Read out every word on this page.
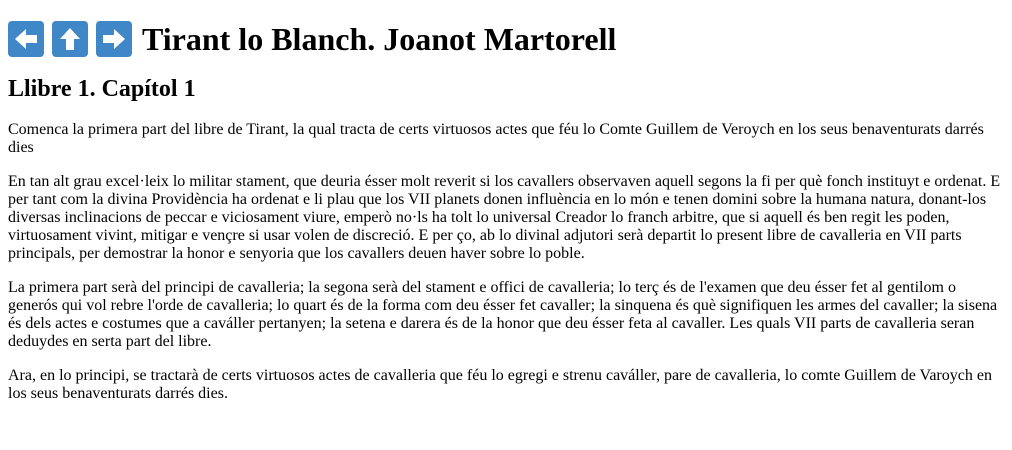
Tirant lo Blanch. Joanot Martorell
Llibre 1. Capítol 1

Comenca la primera part del libre de Tirant, la qual tracta de certs virtuosos actes que féu lo Comte Guillem de Veroych en los seus benaventurats darrés dies

En tan alt grau excel·leix lo militar stament, que deuria ésser molt reverit si los cavallers observaven aquell segons la fi per què fonch instituyt e ordenat. E per tant com la divina Providència ha ordenat e li plau que los VII planets donen influència en lo món e tenen domini sobre la humana natura, donant-los diversas inclinacions de peccar e viciosament viure, emperò no·ls ha tolt lo universal Creador lo franch arbitre, que si aquell és ben regit les poden, virtuosament vivint, mitigar e vençre si usar volen de discreció. E per ço, ab lo divinal adjutori serà departit lo present libre de cavalleria en VII parts principals, per demostrar la honor e senyoria que los cavallers deuen haver sobre lo poble.

La primera part serà del principi de cavalleria; la segona serà del stament e offici de cavalleria; lo terç és de l'examen que deu ésser fet al gentilom o generós qui vol rebre l'orde de cavalleria; lo quart és de la forma com deu ésser fet cavaller; la sinquena és què signifiquen les armes del cavaller; la sisena és dels actes e costumes que a caváller pertanyen; la setena e darera és de la honor que deu ésser feta al cavaller. Les quals VII parts de cavalleria seran deduydes en serta part del libre.

Ara, en lo principi, se tractarà de certs virtuosos actes de cavalleria que féu lo egregi e strenu caváller, pare de cavalleria, lo comte Guillem de Varoych en los seus benaventurats darrés dies.
